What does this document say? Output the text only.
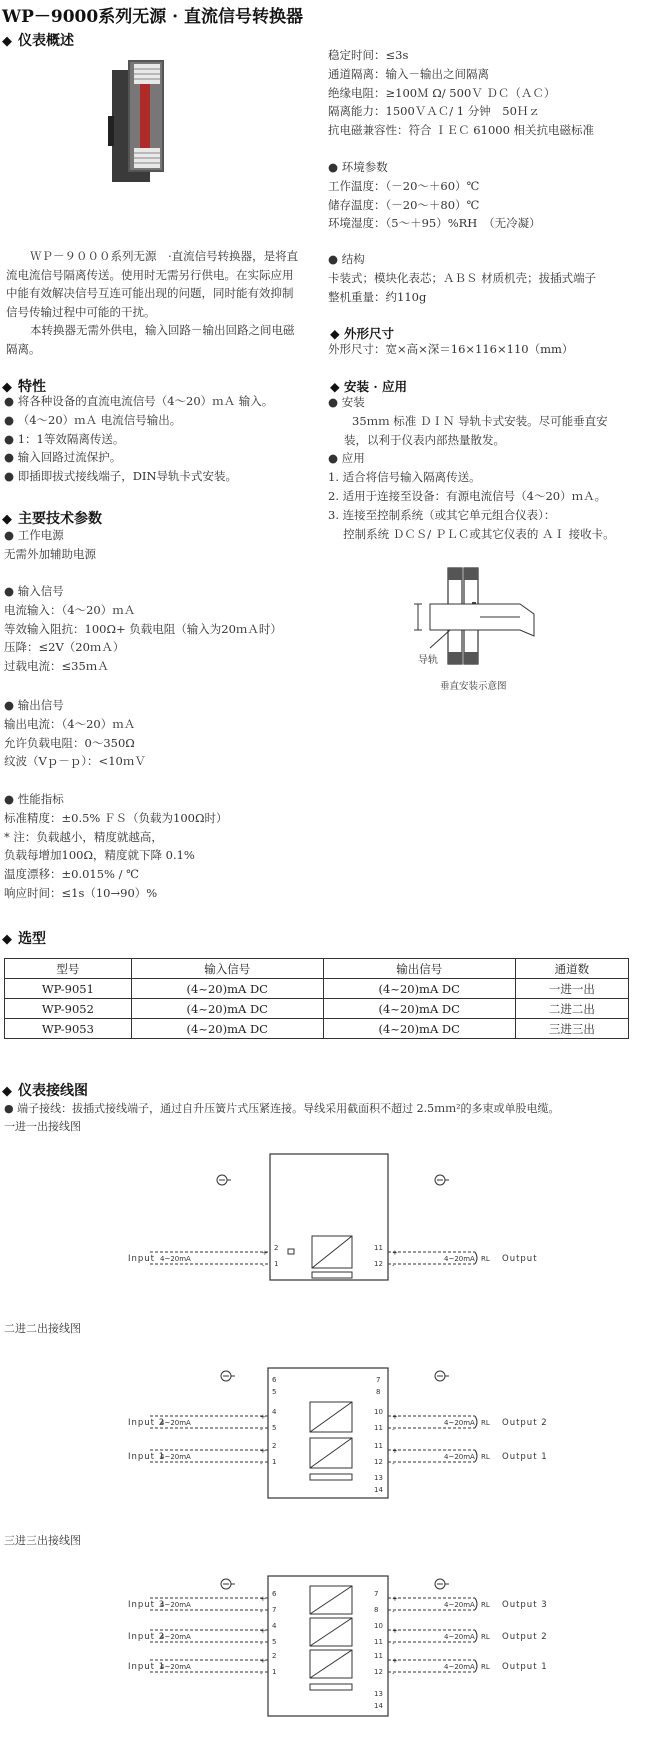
WP－9000系列无源 · 直流信号转换器
◆ 仪表概述
ＷＰ－９０００系列无源　·直流信号转换器，是将直流电流信号隔离传送。使用时无需另行供电。在实际应用中能有效解决信号互连可能出现的问题，同时能有效抑制信号传输过程中可能的干扰。
本转换器无需外供电，输入回路－输出回路之间电磁隔离。
◆ 特性

● 将各种设备的直流电流信号（4～20）ｍＡ 输入。

● （4～20）ｍＡ 电流信号输出。

● 1：1等效隔离传送。

● 输入回路过流保护。

● 即插即拔式接线端子，DIN导轨卡式安装。

◆ 主要技术参数

● 工作电源

无需外加辅助电源

● 输入信号

电流输入：（4～20）ｍＡ

等效输入阻抗：100Ω+ 负载电阻（输入为20ｍＡ时）

压降：≤2V（20ｍＡ）

过载电流：≤35ｍＡ

● 输出信号

输出电流：（4～20）ｍＡ

允许负载电阻：0～350Ω

纹波（Vｐ－ｐ）：<10ｍＶ

● 性能指标

标准精度：±0.5% ＦＳ（负载为100Ω时）

* 注：负载越小，精度就越高，

负载每增加100Ω，精度就下降 0.1%

温度漂移：±0.015% / ℃

响应时间：≤1s（10→90）%

稳定时间：≤3s

通道隔离：输入－输出之间隔离

绝缘电阻：≥100Ｍ Ω/ 500Ｖ ＤＣ（ＡＣ）

隔离能力：1500ＶＡＣ/ 1 分钟　50Ｈｚ

抗电磁兼容性：符合 ＩＥＣ 61000 相关抗电磁标准

● 环境参数

工作温度：（－20～＋60）℃

储存温度：（－20～＋80）℃

环境湿度：（5～＋95）%RH　（无冷凝）

● 结构

卡装式；模块化表芯；ＡＢＳ 材质机壳；拔插式端子

整机重量：约110g

◆ 外形尺寸

外形尺寸：宽×高×深＝16×116×110（mm）

◆ 安装 · 应用

● 安装

35ｍｍ 标准 ＤＩＮ 导轨卡式安装。尽可能垂直安

装，以利于仪表内部热量散发。

● 应用

1. 适合将信号输入隔离传送。

2. 适用于连接至设备：有源电流信号（4～20）ｍＡ。

3. 连接至控制系统（或其它单元组合仪表）：

　 控制系统 ＤＣＳ/ ＰＬＣ或其它仪表的 ＡＩ 接收卡。

导轨
垂直安装示意图
◆ 选型
型号	输入信号	输出信号	通道数
WP-9051	(4~20)mA DC	(4~20)mA DC	一进一出
WP-9052	(4~20)mA DC	(4~20)mA DC	二进二出
WP-9053	(4~20)mA DC	(4~20)mA DC	三进三出
◆ 仪表接线图
● 端子接线：拔插式接线端子，通过自升压簧片式压紧连接。导线采用截面积不超过 2.5ｍｍ²的多束或单股电缆。
一进一出接线图
二进二出接线图
三进三出接线图
Input 4~20mA	4~20mA	Output
RL
2
1
11
12
+
-
+
-
Input 2
4~20mA	4~20mA	Output 2
RL
4
5
10
11
+
-
+
-
Input 1
4~20mA	4~20mA	Output 1
RL
2
1
11
12
+
-
+
-
6
5
7
8
13
14
Input 3
4~20mA	4~20mA	Output 3
RL
6
7
7
8
+
-
+
-
Input 2
4~20mA	4~20mA	Output 2
RL
4
5
10
11
+
-
+
-
Input 1
4~20mA	4~20mA	Output 1
RL
2
1
11
12
+
-
+
-
13
14
